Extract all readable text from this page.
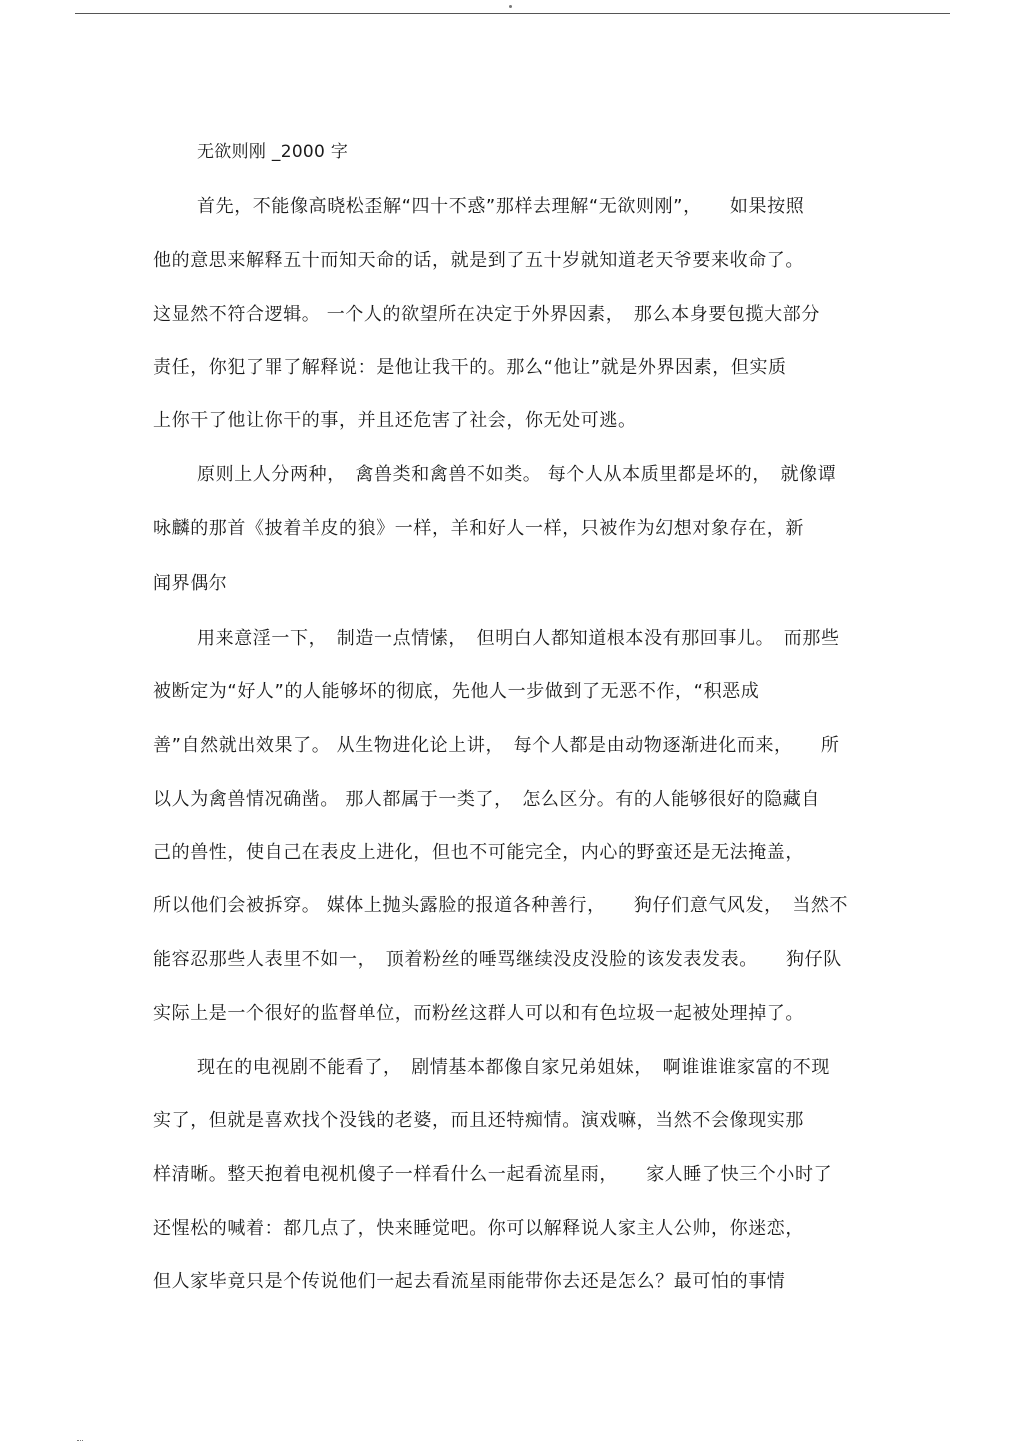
无欲则刚 _2000 字
首先，不能像高晓松歪解“四十不惑”那样去理解“无欲则刚”，　　如果按照
他的意思来解释五十而知天命的话，就是到了五十岁就知道老天爷要来收命了。
这显然不符合逻辑。 一个人的欲望所在决定于外界因素，　那么本身要包揽大部分
责任，你犯了罪了解释说：是他让我干的。那么“他让”就是外界因素，但实质
上你干了他让你干的事，并且还危害了社会，你无处可逃。
原则上人分两种，　禽兽类和禽兽不如类。 每个人从本质里都是坏的，　就像谭
咏麟的那首《披着羊皮的狼》一样，羊和好人一样，只被作为幻想对象存在，新
闻界偶尔
用来意淫一下，　制造一点情愫，　但明白人都知道根本没有那回事儿。　而那些
被断定为“好人”的人能够坏的彻底，先他人一步做到了无恶不作，“积恶成
善”自然就出效果了。 从生物进化论上讲，　每个人都是由动物逐渐进化而来，　　所
以人为禽兽情况确凿。 那人都属于一类了，　怎么区分。有的人能够很好的隐藏自
己的兽性，使自己在表皮上进化，但也不可能完全，内心的野蛮还是无法掩盖，
所以他们会被拆穿。 媒体上抛头露脸的报道各种善行，　　狗仔们意气风发，　当然不
能容忍那些人表里不如一，　顶着粉丝的唾骂继续没皮没脸的该发表发表。　　狗仔队
实际上是一个很好的监督单位，而粉丝这群人可以和有色垃圾一起被处理掉了。
现在的电视剧不能看了，　剧情基本都像自家兄弟姐妹，　啊谁谁谁家富的不现
实了，但就是喜欢找个没钱的老婆，而且还特痴情。演戏嘛，当然不会像现实那
样清晰。整天抱着电视机傻子一样看什么一起看流星雨，　　家人睡了快三个小时了
还惺松的喊着：都几点了，快来睡觉吧。你可以解释说人家主人公帅，你迷恋，
但人家毕竟只是个传说他们一起去看流星雨能带你去还是怎么？最可怕的事情
